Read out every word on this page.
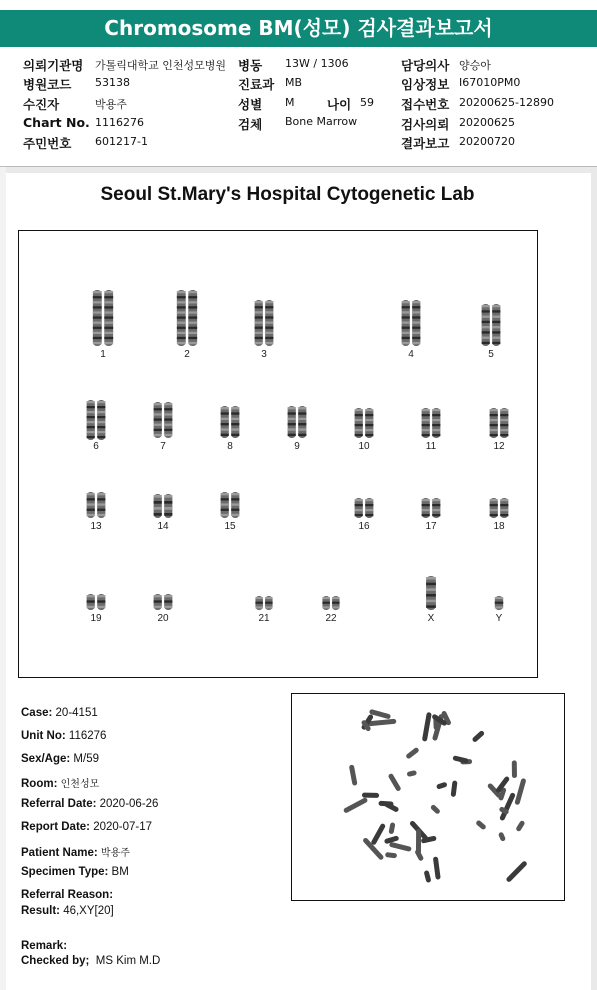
Chromosome BM(성모) 검사결과보고서
의뢰기관명 가톨릭대학교 인천성모병원 병동 13W / 1306	담당의사 양승아
병원코드 53138	진료과 MB	임상정보 I67010PM0
수진자	박용주	성별 M	나이 59 접수번호 20200625-12890
Chart No. 1116276	검체 Bone Marrow	검사의뢰 20200625
주민번호 601217-1	결과보고 20200720
Seoul St.Mary's Hospital Cytogenetic Lab
1	2	3	4	5
6	7	8	9	10	11	12
13	14	15	16	17	18
19	20	21	22	X	Y
Case: 20-4151
Unit No: 116276
Sex/Age: M/59
Room: 인천성모
Referral Date: 2020-06-26
Report Date: 2020-07-17
Patient Name: 박용주
Specimen Type: BM
Referral Reason:
Result: 46,XY[20]
Remark:
Checked by; MS Kim M.D
